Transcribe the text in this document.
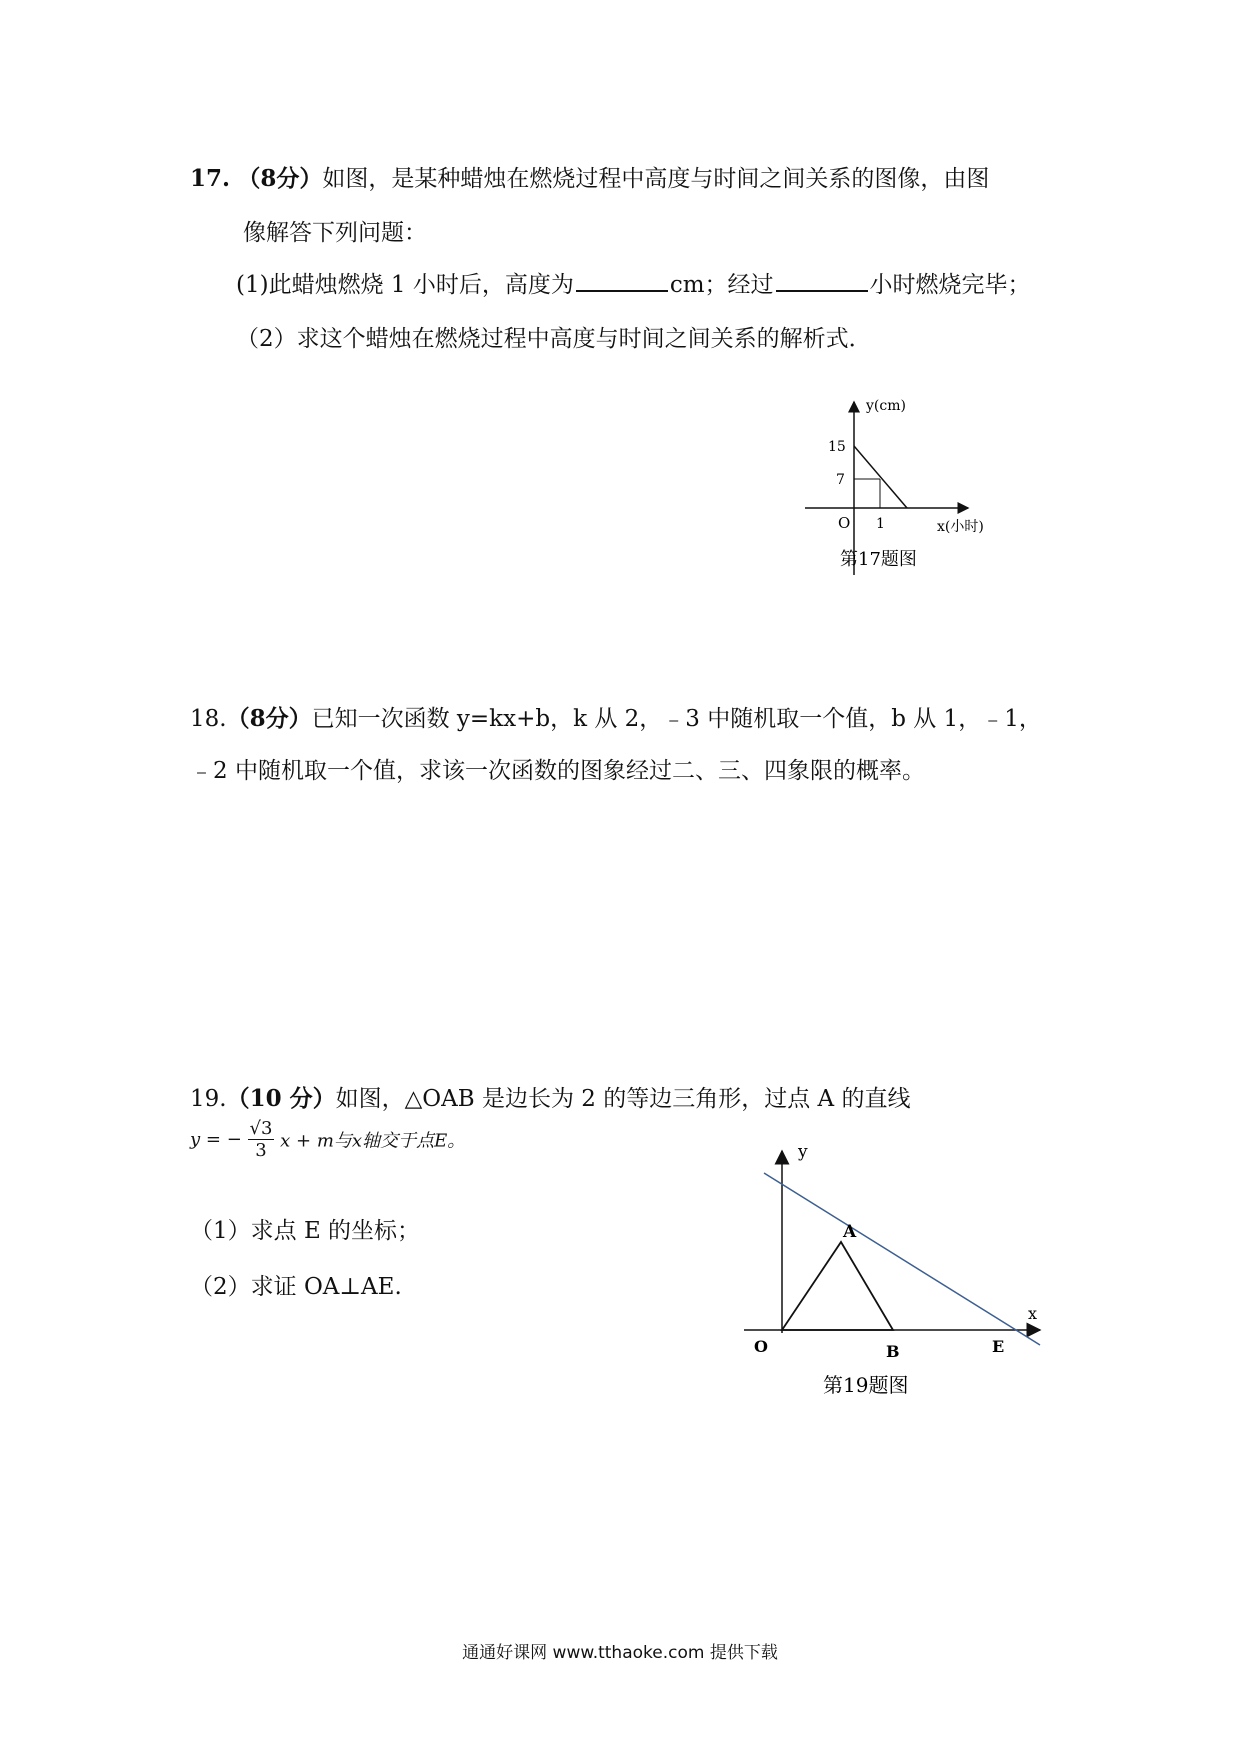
17. （8分）如图，是某种蜡烛在燃烧过程中高度与时间之间关系的图像，由图
像解答下列问题：
(1)此蜡烛燃烧 1 小时后，高度为	cm；经过	小时燃烧完毕；
（2）求这个蜡烛在燃烧过程中高度与时间之间关系的解析式．
y(cm)
15
7
O 1	x(小时)
第17题图
18.（8分）已知一次函数 y=kx+b，k 从 2，﹣3 中随机取一个值，b 从 1，﹣1，
﹣2 中随机取一个值，求该一次函数的图象经过二、三、四象限的概率。
19.（10 分）如图，△OAB 是边长为 2 的等边三角形，过点 A 的直线
y = − $\frac{√3}{3}$ x + m与x轴交于点E。
（1）求点 E 的坐标；
（2）求证 OA⊥AE.
y
x
O
A
B	E
第19题图
通通好课网 www.tthaoke.com 提供下载
